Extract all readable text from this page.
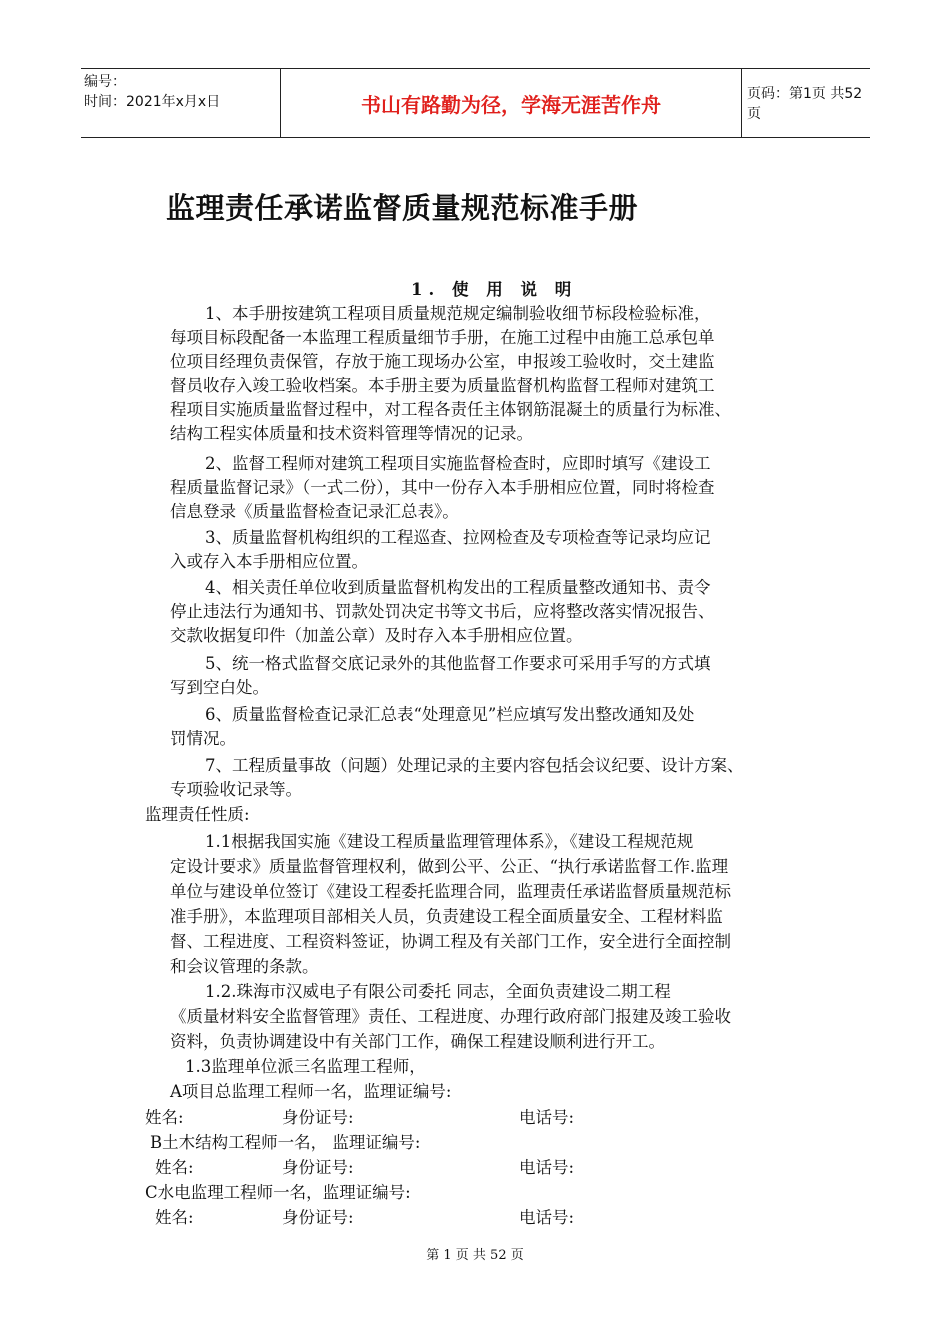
编号：
时间：2021年x月x日	书山有路勤为径，学海无涯苦作舟	页码：第1页 共52页
监理责任承诺监督质量规范标准手册
1. 使 用 说 明
1、本手册按建筑工程项目质量规范规定编制验收细节标段检验标准，
每项目标段配备一本监理工程质量细节手册，在施工过程中由施工总承包单
位项目经理负责保管，存放于施工现场办公室，申报竣工验收时，交土建监
督员收存入竣工验收档案。本手册主要为质量监督机构监督工程师对建筑工
程项目实施质量监督过程中，对工程各责任主体钢筋混凝土的质量行为标准、
结构工程实体质量和技术资料管理等情况的记录。
2、监督工程师对建筑工程项目实施监督检查时，应即时填写《建设工
程质量监督记录》（一式二份），其中一份存入本手册相应位置，同时将检查
信息登录《质量监督检查记录汇总表》。
3、质量监督机构组织的工程巡查、拉网检查及专项检查等记录均应记
入或存入本手册相应位置。
4、相关责任单位收到质量监督机构发出的工程质量整改通知书、责令
停止违法行为通知书、罚款处罚决定书等文书后，应将整改落实情况报告、
交款收据复印件（加盖公章）及时存入本手册相应位置。
5、统一格式监督交底记录外的其他监督工作要求可采用手写的方式填
写到空白处。
6、质量监督检查记录汇总表“处理意见”栏应填写发出整改通知及处
罚情况。
7、工程质量事故（问题）处理记录的主要内容包括会议纪要、设计方案、
专项验收记录等。
监理责任性质:
1.1根据我国实施《建设工程质量监理管理体系》，《建设工程规范规
定设计要求》质量监督管理权利，做到公平、公正、“执行承诺监督工作.监理
单位与建设单位签订《建设工程委托监理合同，监理责任承诺监督质量规范标
准手册》，本监理项目部相关人员，负责建设工程全面质量安全、工程材料监
督、工程进度、工程资料签证，协调工程及有关部门工作，安全进行全面控制
和会议管理的条款。
1.2.珠海市汉威电子有限公司委托 同志，全面负责建设二期工程
《质量材料安全监督管理》责任、工程进度、办理行政府部门报建及竣工验收
资料，负责协调建设中有关部门工作，确保工程建设顺利进行开工。
1.3监理单位派三名监理工程师，
A项目总监理工程师一名，监理证编号:
姓名:	身份证号:	电话号:
B土木结构工程师一名， 监理证编号:
姓名:	身份证号:	电话号:
C水电监理工程师一名，监理证编号:
姓名:	身份证号:	电话号:
第 1 页 共 52 页
